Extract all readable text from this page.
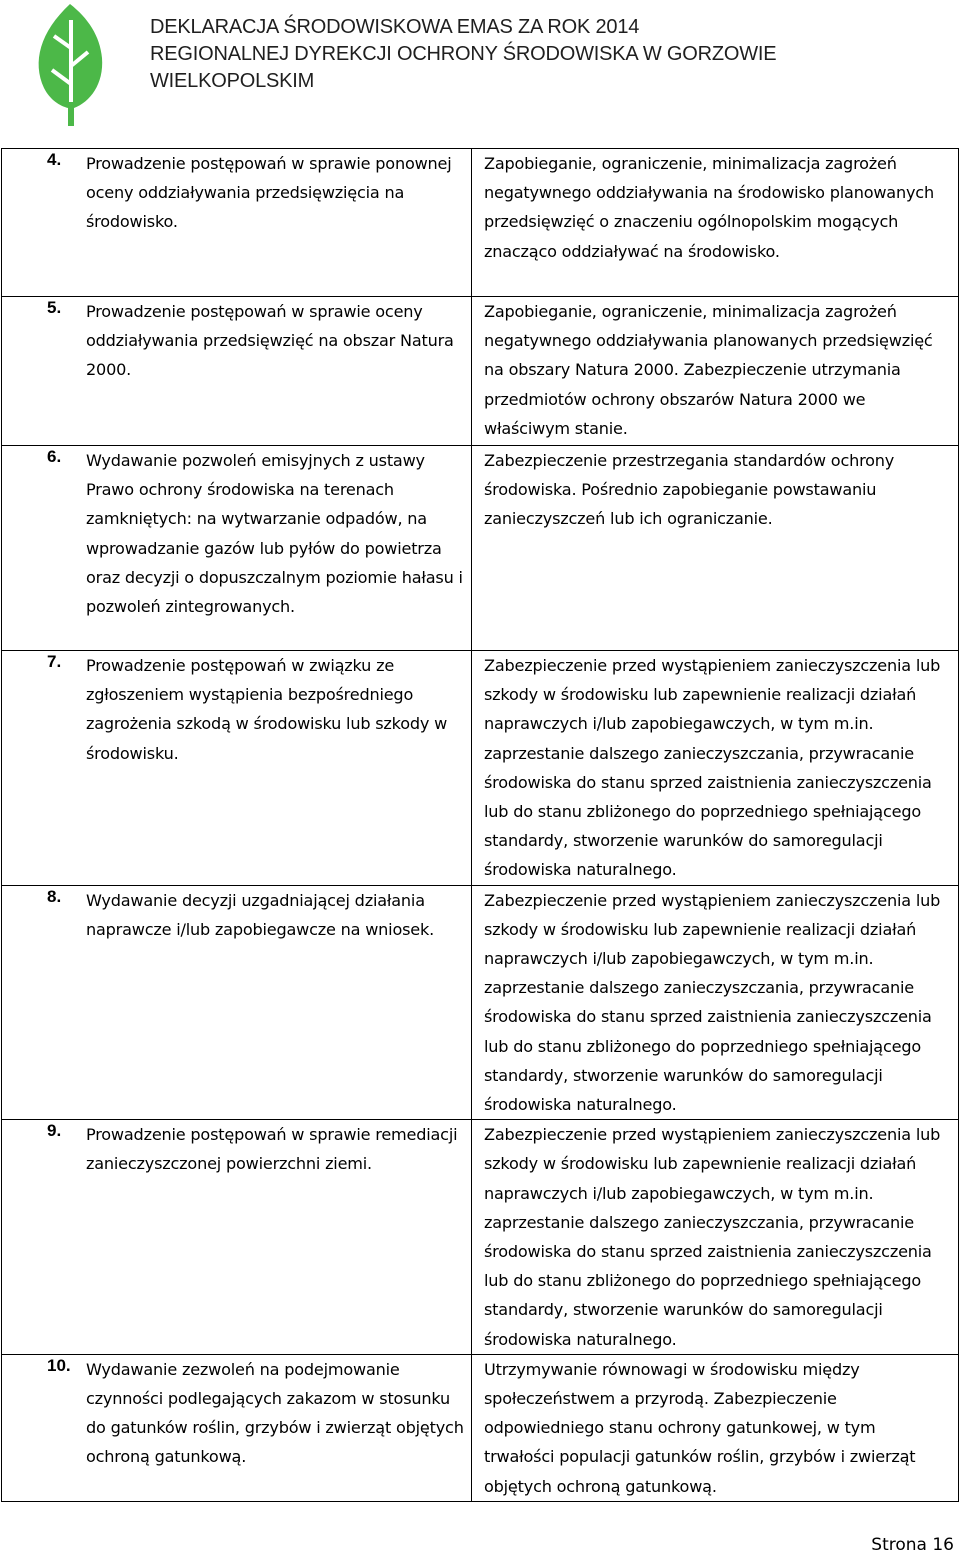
DEKLARACJA ŚRODOWISKOWA EMAS ZA ROK 2014
REGIONALNEJ DYREKCJI OCHRONY ŚRODOWISKA W GORZOWIE WIELKOPOLSKIM
4. Prowadzenie postępowań w sprawie ponownej oceny oddziaływania przedsięwzięcia na środowisko.	Zapobieganie, ograniczenie, minimalizacja zagrożeń negatywnego oddziaływania na środowisko planowanych przedsięwzięć o znaczeniu ogólnopolskim mogących znacząco oddziaływać na środowisko.

5. Prowadzenie postępowań w sprawie oceny oddziaływania przedsięwzięć na obszar Natura 2000.	Zapobieganie, ograniczenie, minimalizacja zagrożeń negatywnego oddziaływania planowanych przedsięwzięć na obszary Natura 2000. Zabezpieczenie utrzymania przedmiotów ochrony obszarów Natura 2000 we właściwym stanie.

6. Wydawanie pozwoleń emisyjnych z ustawy Prawo ochrony środowiska na terenach zamkniętych: na wytwarzanie odpadów, na wprowadzanie gazów lub pyłów do powietrza oraz decyzji o dopuszczalnym poziomie hałasu i pozwoleń zintegrowanych.	Zabezpieczenie przestrzegania standardów ochrony środowiska. Pośrednio zapobieganie powstawaniu zanieczyszczeń lub ich ograniczanie.

7. Prowadzenie postępowań w związku ze zgłoszeniem wystąpienia bezpośredniego zagrożenia szkodą w środowisku lub szkody w środowisku.	Zabezpieczenie przed wystąpieniem zanieczyszczenia lub szkody w środowisku lub zapewnienie realizacji działań naprawczych i/lub zapobiegawczych, w tym m.in. zaprzestanie dalszego zanieczyszczania, przywracanie środowiska do stanu sprzed zaistnienia zanieczyszczenia lub do stanu zbliżonego do poprzedniego spełniającego standardy, stworzenie warunków do samoregulacji środowiska naturalnego.

8. Wydawanie decyzji uzgadniającej działania naprawcze i/lub zapobiegawcze na wniosek.	Zabezpieczenie przed wystąpieniem zanieczyszczenia lub szkody w środowisku lub zapewnienie realizacji działań naprawczych i/lub zapobiegawczych, w tym m.in. zaprzestanie dalszego zanieczyszczania, przywracanie środowiska do stanu sprzed zaistnienia zanieczyszczenia lub do stanu zbliżonego do poprzedniego spełniającego standardy, stworzenie warunków do samoregulacji środowiska naturalnego.

9. Prowadzenie postępowań w sprawie remediacji zanieczyszczonej powierzchni ziemi.	Zabezpieczenie przed wystąpieniem zanieczyszczenia lub szkody w środowisku lub zapewnienie realizacji działań naprawczych i/lub zapobiegawczych, w tym m.in. zaprzestanie dalszego zanieczyszczania, przywracanie środowiska do stanu sprzed zaistnienia zanieczyszczenia lub do stanu zbliżonego do poprzedniego spełniającego standardy, stworzenie warunków do samoregulacji środowiska naturalnego.

10. Wydawanie zezwoleń na podejmowanie czynności podlegających zakazom w stosunku do gatunków roślin, grzybów i zwierząt objętych ochroną gatunkową.	Utrzymywanie równowagi w środowisku między społeczeństwem a przyrodą. Zabezpieczenie odpowiedniego stanu ochrony gatunkowej, w tym trwałości populacji gatunków roślin, grzybów i zwierząt objętych ochroną gatunkową.
Strona 16
